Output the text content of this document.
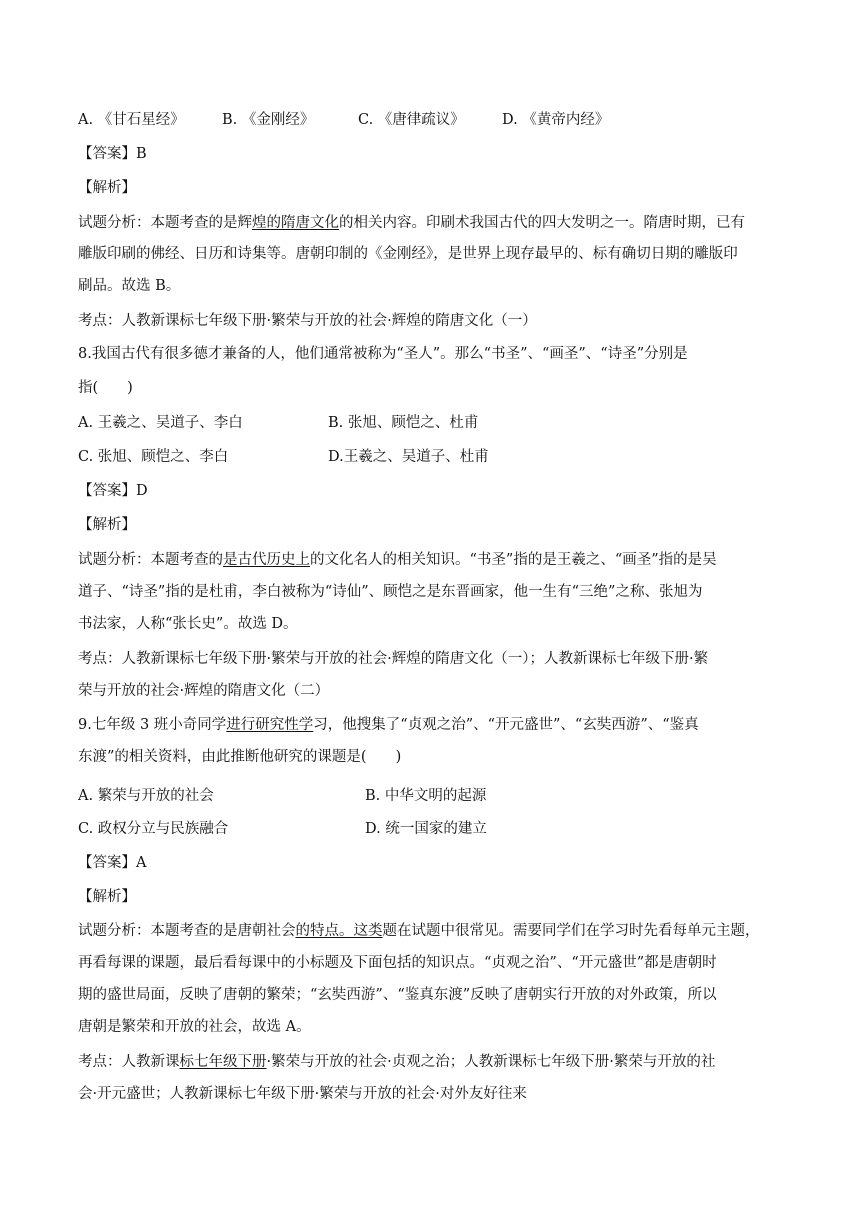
A. 《甘石星经》	B. 《金刚经》	C. 《唐律疏议》	D. 《黄帝内经》
【答案】B
【解析】
试题分析：本题考查的是辉煌的隋唐文化的相关内容。印刷术我国古代的四大发明之一。隋唐时期，已有
雕版印刷的佛经、日历和诗集等。唐朝印制的《金刚经》，是世界上现存最早的、标有确切日期的雕版印
刷品。故选 B。
考点：人教新课标七年级下册·繁荣与开放的社会·辉煌的隋唐文化（一）
8.我国古代有很多德才兼备的人，他们通常被称为“圣人”。那么“书圣”、“画圣”、“诗圣”分别是
指(　　)
A. 王羲之、吴道子、李白	B. 张旭、顾恺之、杜甫
C. 张旭、顾恺之、李白	D.王羲之、吴道子、杜甫
【答案】D
【解析】
试题分析：本题考查的是古代历史上的文化名人的相关知识。“书圣”指的是王羲之、“画圣”指的是吴
道子、“诗圣”指的是杜甫，李白被称为“诗仙”、顾恺之是东晋画家，他一生有“三绝”之称、张旭为
书法家，人称“张长史”。故选 D。
考点：人教新课标七年级下册·繁荣与开放的社会·辉煌的隋唐文化（一）；人教新课标七年级下册·繁
荣与开放的社会·辉煌的隋唐文化（二）
9.七年级 3 班小奇同学进行研究性学习，他搜集了“贞观之治”、“开元盛世”、“玄奘西游”、“鉴真
东渡”的相关资料，由此推断他研究的课题是(　　)
A. 繁荣与开放的社会	B. 中华文明的起源
C. 政权分立与民族融合	D. 统一国家的建立
【答案】A
【解析】
试题分析：本题考查的是唐朝社会的特点。这类题在试题中很常见。需要同学们在学习时先看每单元主题，
再看每课的课题，最后看每课中的小标题及下面包括的知识点。“贞观之治”、“开元盛世”都是唐朝时
期的盛世局面，反映了唐朝的繁荣；“玄奘西游”、“鉴真东渡”反映了唐朝实行开放的对外政策，所以
唐朝是繁荣和开放的社会，故选 A。
考点：人教新课标七年级下册·繁荣与开放的社会·贞观之治；人教新课标七年级下册·繁荣与开放的社
会·开元盛世；人教新课标七年级下册·繁荣与开放的社会·对外友好往来
